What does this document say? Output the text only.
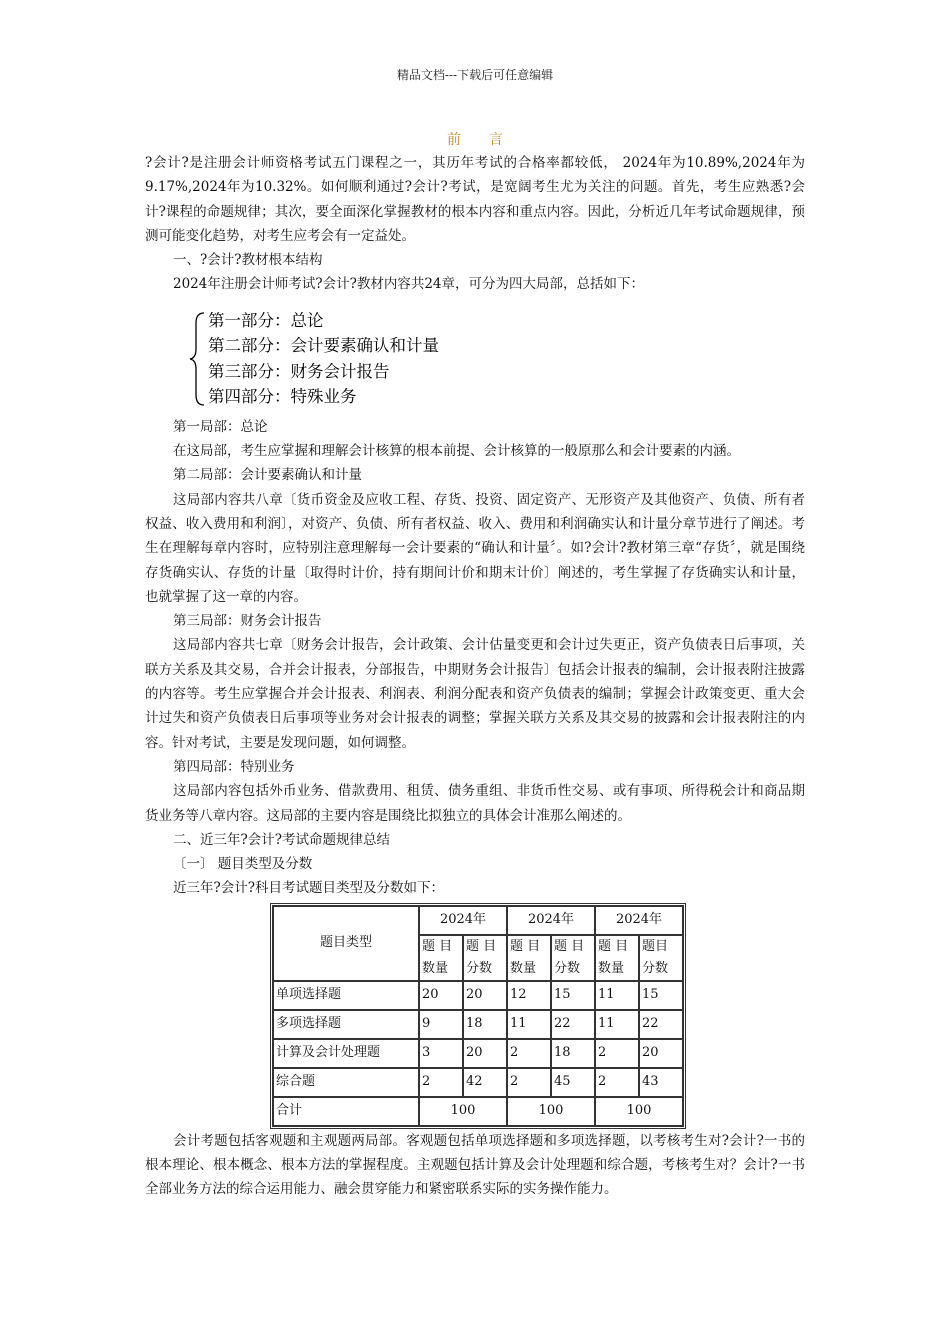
精品文档---下载后可任意编辑
前言

?会计?是注册会计师资格考试五门课程之一，其历年考试的合格率都较低， 2024年为10.89%,2024年为9.17%,2024年为10.32%。如何顺利通过?会计?考试，是宽阔考生尤为关注的问题。首先，考生应熟悉?会计?课程的命题规律；其次，要全面深化掌握教材的根本内容和重点内容。因此，分析近几年考试命题规律，预测可能变化趋势，对考生应考会有一定益处。

一、?会计?教材根本结构

2024年注册会计师考试?会计?教材内容共24章，可分为四大局部，总括如下：

第一部分：总论
第二部分：会计要素确认和计量
第三部分：财务会计报告
第四部分：特殊业务

第一局部：总论

在这局部，考生应掌握和理解会计核算的根本前提、会计核算的一般原那么和会计要素的内涵。

第二局部：会计要素确认和计量

这局部内容共八章〔货币资金及应收工程、存货、投资、固定资产、无形资产及其他资产、负债、所有者权益、收入费用和利润〕，对资产、负债、所有者权益、收入、费用和利润确实认和计量分章节进行了阐述。考生在理解每章内容时，应特别注意理解每一会计要素的“确认和计量〞。如?会计?教材第三章“存货〞，就是围绕存货确实认、存货的计量〔取得时计价，持有期间计价和期末计价〕阐述的，考生掌握了存货确实认和计量，也就掌握了这一章的内容。

第三局部：财务会计报告

这局部内容共七章〔财务会计报告，会计政策、会计估量变更和会计过失更正，资产负债表日后事项，关联方关系及其交易，合并会计报表，分部报告，中期财务会计报告〕包括会计报表的编制，会计报表附注披露的内容等。考生应掌握合并会计报表、利润表、利润分配表和资产负债表的编制；掌握会计政策变更、重大会计过失和资产负债表日后事项等业务对会计报表的调整；掌握关联方关系及其交易的披露和会计报表附注的内容。针对考试，主要是发现问题，如何调整。

第四局部：特别业务

这局部内容包括外币业务、借款费用、租赁、债务重组、非货币性交易、或有事项、所得税会计和商品期货业务等八章内容。这局部的主要内容是围绕比拟独立的具体会计准那么阐述的。

二、近三年?会计?考试命题规律总结

〔一〕 题目类型及分数

近三年?会计?科目考试题目类型及分数如下：

题目类型	2024年		2024年		2024年	
	题 目数量	题 目分数	题 目数量	题 目分数	题 目数量	题目分数
单项选择题	20	20	12	15	11	15
多项选择题	9	18	11	22	11	22
计算及会计处理题	3	20	2	18	2	20
综合题	2	42	2	45	2	43
合计	100		100		100	

会计考题包括客观题和主观题两局部。客观题包括单项选择题和多项选择题，以考核考生对?会计?一书的根本理论、根本概念、根本方法的掌握程度。主观题包括计算及会计处理题和综合题，考核考生对？会计?一书全部业务方法的综合运用能力、融会贯穿能力和紧密联系实际的实务操作能力。
